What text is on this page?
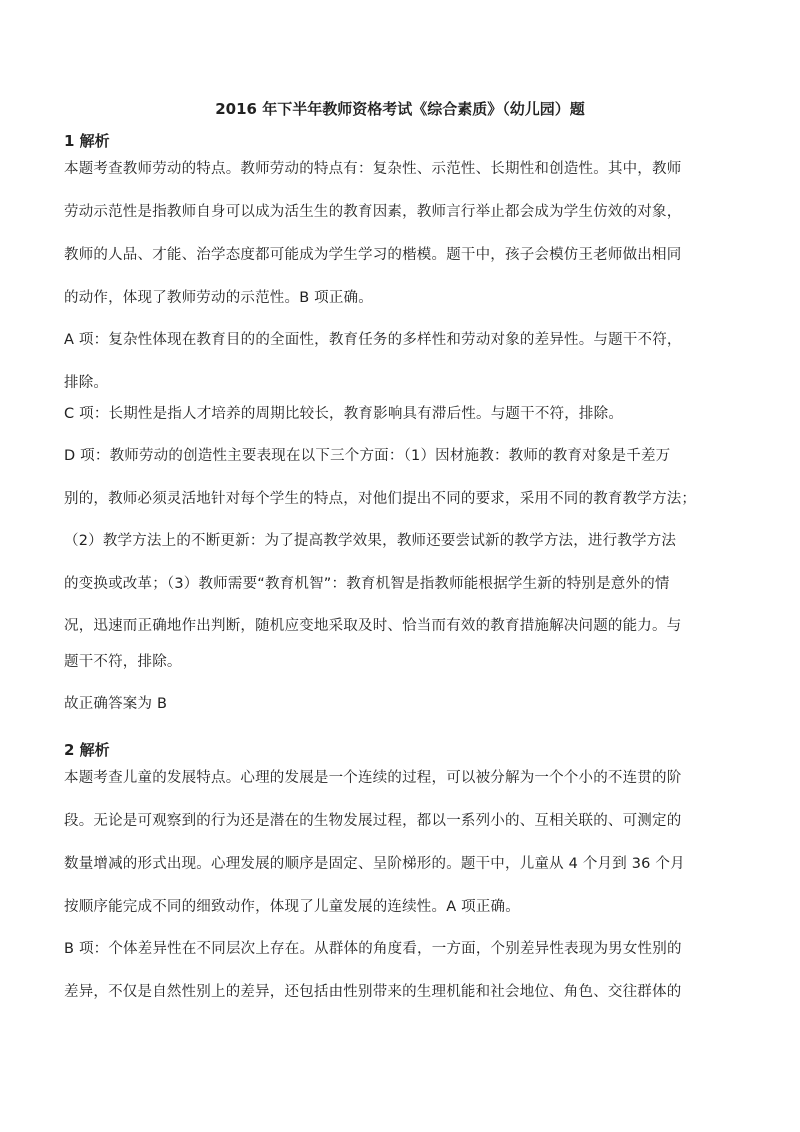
2016 年下半年教师资格考试《综合素质》（幼儿园）题
1 解析
本题考查教师劳动的特点。教师劳动的特点有：复杂性、示范性、长期性和创造性。其中，教师
劳动示范性是指教师自身可以成为活生生的教育因素，教师言行举止都会成为学生仿效的对象，
教师的人品、才能、治学态度都可能成为学生学习的楷模。题干中，孩子会模仿王老师做出相同
的动作，体现了教师劳动的示范性。B 项正确。
A 项：复杂性体现在教育目的的全面性，教育任务的多样性和劳动对象的差异性。与题干不符，
排除。
C 项：长期性是指人才培养的周期比较长，教育影响具有滞后性。与题干不符，排除。
D 项：教师劳动的创造性主要表现在以下三个方面：（1）因材施教：教师的教育对象是千差万
别的，教师必须灵活地针对每个学生的特点，对他们提出不同的要求，采用不同的教育教学方法；
（2）教学方法上的不断更新：为了提高教学效果，教师还要尝试新的教学方法，进行教学方法
的变换或改革；（3）教师需要“教育机智”：教育机智是指教师能根据学生新的特别是意外的情
况，迅速而正确地作出判断，随机应变地采取及时、恰当而有效的教育措施解决问题的能力。与
题干不符，排除。
故正确答案为 B
2 解析
本题考查儿童的发展特点。心理的发展是一个连续的过程，可以被分解为一个个小的不连贯的阶
段。无论是可观察到的行为还是潜在的生物发展过程，都以一系列小的、互相关联的、可测定的
数量增减的形式出现。心理发展的顺序是固定、呈阶梯形的。题干中，儿童从 4 个月到 36 个月
按顺序能完成不同的细致动作，体现了儿童发展的连续性。A 项正确。
B 项：个体差异性在不同层次上存在。从群体的角度看，一方面，个别差异性表现为男女性别的
差异，不仅是自然性别上的差异，还包括由性别带来的生理机能和社会地位、角色、交往群体的
